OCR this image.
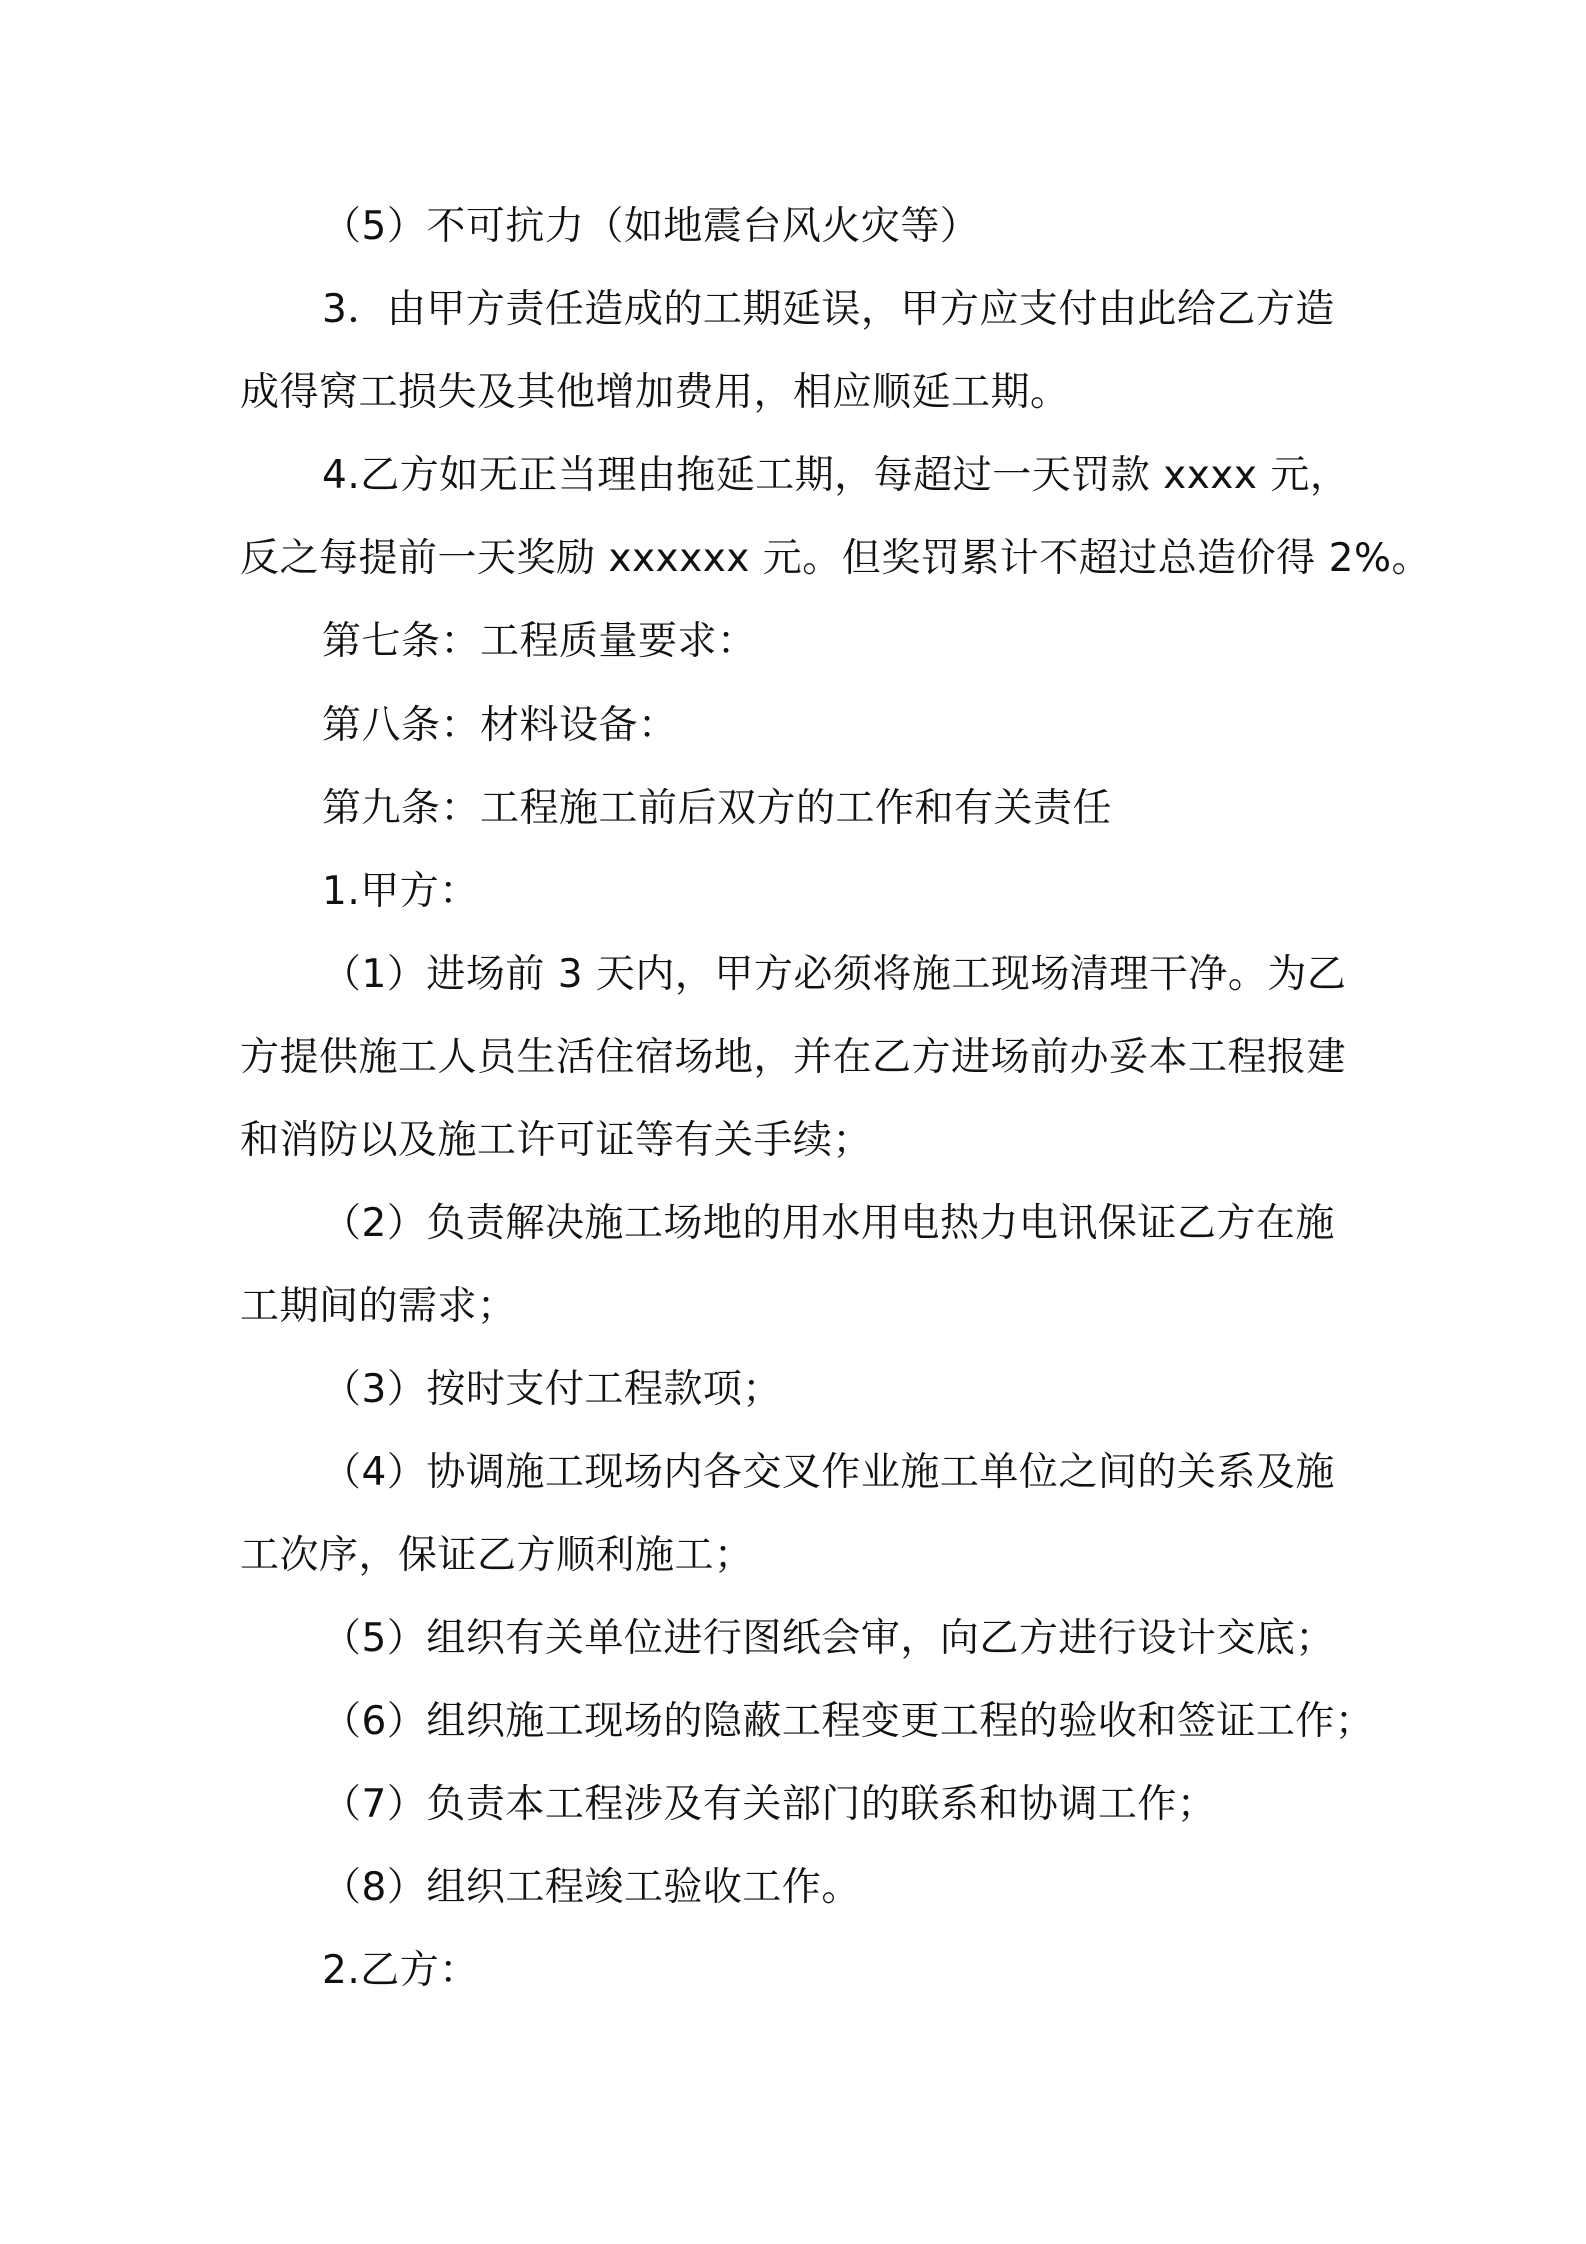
（5）不可抗力（如地震台风火灾等）
3．由甲方责任造成的工期延误，甲方应支付由此给乙方造
成得窝工损失及其他增加费用，相应顺延工期。
4.乙方如无正当理由拖延工期，每超过一天罚款 xxxx 元，
反之每提前一天奖励 xxxxxx 元。但奖罚累计不超过总造价得 2%。
第七条：工程质量要求：
第八条：材料设备：
第九条：工程施工前后双方的工作和有关责任
1.甲方：
（1）进场前 3 天内，甲方必须将施工现场清理干净。为乙
方提供施工人员生活住宿场地，并在乙方进场前办妥本工程报建
和消防以及施工许可证等有关手续；
（2）负责解决施工场地的用水用电热力电讯保证乙方在施
工期间的需求；
（3）按时支付工程款项；
（4）协调施工现场内各交叉作业施工单位之间的关系及施
工次序，保证乙方顺利施工；
（5）组织有关单位进行图纸会审，向乙方进行设计交底；
（6）组织施工现场的隐蔽工程变更工程的验收和签证工作；
（7）负责本工程涉及有关部门的联系和协调工作；
（8）组织工程竣工验收工作。
2.乙方：
